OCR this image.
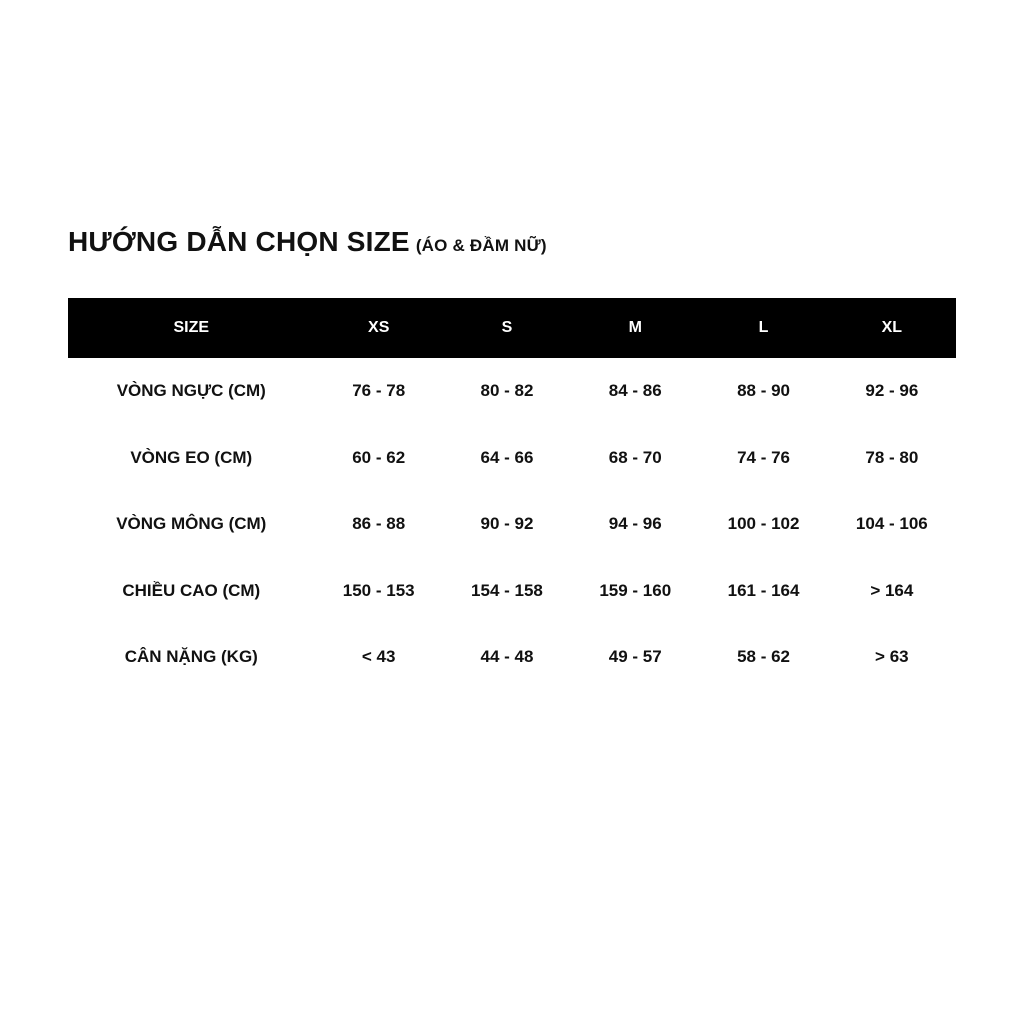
HƯỚNG DẪN CHỌN SIZE (ÁO & ĐẦM NỮ)
SIZE	XS	S	M	L	XL
VÒNG NGỰC (CM)	76 - 78	80 - 82	84 - 86	88 - 90	92 - 96
VÒNG EO (CM)	60 - 62	64 - 66	68 - 70	74 - 76	78 - 80
VÒNG MÔNG (CM)	86 - 88	90 - 92	94 - 96	100 - 102	104 - 106
CHIỀU CAO (CM)	150 - 153	154 - 158	159 - 160	161 - 164	> 164
CÂN NẶNG (KG)	< 43	44 - 48	49 - 57	58 - 62	> 63
